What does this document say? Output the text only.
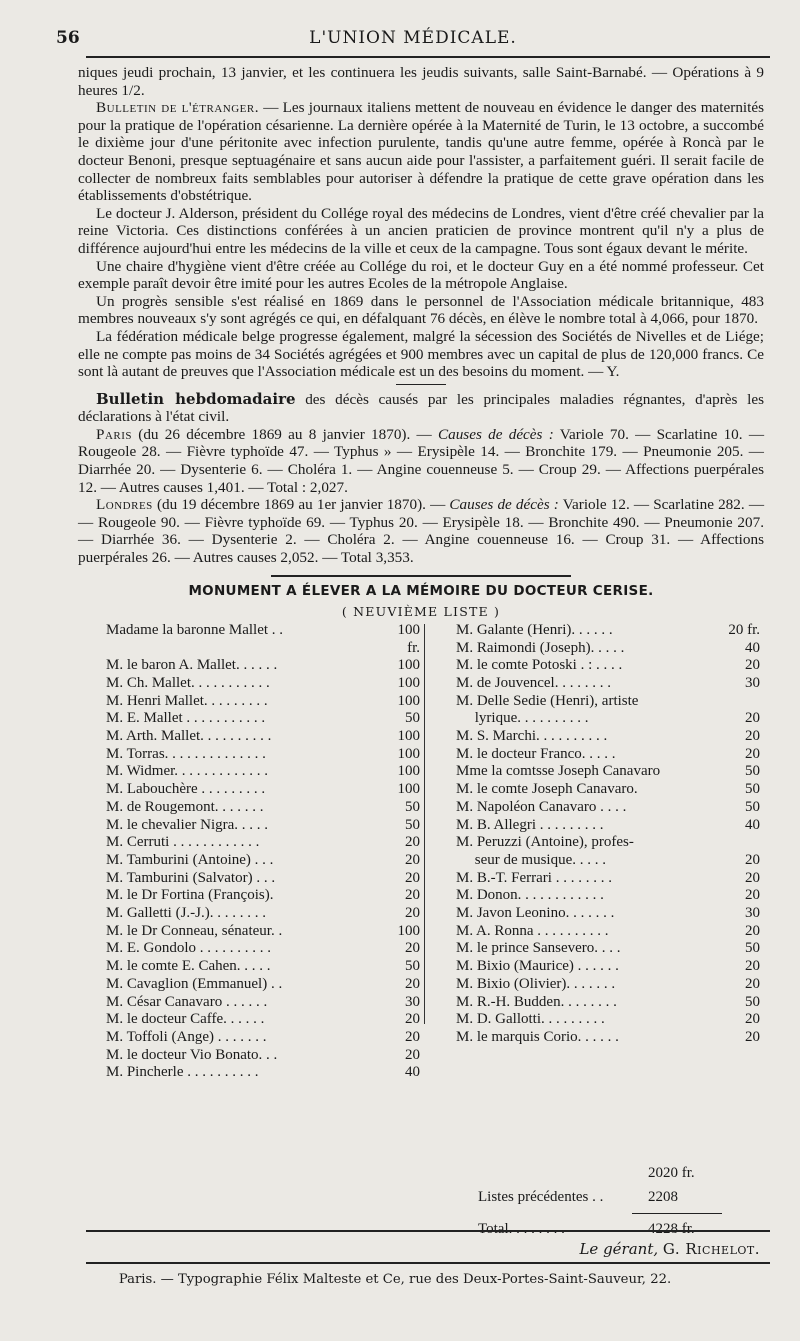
56	L'UNION MÉDICALE.

niques jeudi prochain, 13 janvier, et les continuera les jeudis suivants, salle Saint-Barnabé. — Opérations à 9 heures 1/2.

Bulletin de l'étranger. — Les journaux italiens mettent de nouveau en évidence le danger des maternités pour la pratique de l'opération césarienne. La dernière opérée à la Maternité de Turin, le 13 octobre, a succombé le dixième jour d'une péritonite avec infection purulente, tandis qu'une autre femme, opérée à Roncà par le docteur Benoni, presque septuagénaire et sans aucun aide pour l'assister, a parfaitement guéri. Il serait facile de collecter de nombreux faits semblables pour autoriser à défendre la pratique de cette grave opération dans les établissements d'obstétrique.

Le docteur J. Alderson, président du Collége royal des médecins de Londres, vient d'être créé chevalier par la reine Victoria. Ces distinctions conférées à un ancien praticien de province montrent qu'il n'y a plus de différence aujourd'hui entre les médecins de la ville et ceux de la campagne. Tous sont égaux devant le mérite.

Une chaire d'hygiène vient d'être créée au Collége du roi, et le docteur Guy en a été nommé professeur. Cet exemple paraît devoir être imité pour les autres Ecoles de la métropole Anglaise.

Un progrès sensible s'est réalisé en 1869 dans le personnel de l'Association médicale britannique, 483 membres nouveaux s'y sont agrégés ce qui, en défalquant 76 décès, en élève le nombre total à 4,066, pour 1870.

La fédération médicale belge progresse également, malgré la sécession des Sociétés de Nivelles et de Liége; elle ne compte pas moins de 34 Sociétés agrégées et 900 membres avec un capital de plus de 120,000 francs. Ce sont là autant de preuves que l'Association médicale est un des besoins du moment. — Y.

Bulletin hebdomadaire des décès causés par les principales maladies régnantes, d'après les déclarations à l'état civil.

Paris (du 26 décembre 1869 au 8 janvier 1870). — Causes de décès : Variole 70. — Scarlatine 10. — Rougeole 28. — Fièvre typhoïde 47. — Typhus » — Erysipèle 14. — Bronchite 179. — Pneumonie 205. — Diarrhée 20. — Dysenterie 6. — Choléra 1. — Angine couenneuse 5. — Croup 29. — Affections puerpérales 12. — Autres causes 1,401. — Total : 2,027.

Londres (du 19 décembre 1869 au 1er janvier 1870). — Causes de décès : Variole 12. — Scarlatine 282. — — Rougeole 90. — Fièvre typhoïde 69. — Typhus 20. — Erysipèle 18. — Bronchite 490. — Pneumonie 207. — Diarrhée 36. — Dysenterie 2. — Choléra 2. — Angine couenneuse 16. — Croup 31. — Affections puerpérales 26. — Autres causes 2,052. — Total 3,353.

MONUMENT A ÉLEVER A LA MÉMOIRE DU DOCTEUR CERISE.
( NEUVIÈME LISTE )
Madame la baronne Mallet . .	100 fr.
M. le baron A. Mallet. . . . . .	100
M. Ch. Mallet. . . . . . . . . . .	100
M. Henri Mallet. . . . . . . . .	100
M. E. Mallet . . . . . . . . . . .	50
M. Arth. Mallet. . . . . . . . . .	100
M. Torras. . . . . . . . . . . . . .	100
M. Widmer. . . . . . . . . . . . .	100
M. Labouchère . . . . . . . . .	100
M. de Rougemont. . . . . . .	50
M. le chevalier Nigra. . . . .	50
M. Cerruti . . . . . . . . . . . .	20
M. Tamburini (Antoine) . . .	20
M. Tamburini (Salvator) . . .	20
M. le Dr Fortina (François).	20
M. Galletti (J.-J.). . . . . . . .	20
M. le Dr Conneau, sénateur. .	100
M. E. Gondolo . . . . . . . . . .	20
M. le comte E. Cahen. . . . .	50
M. Cavaglion (Emmanuel) . .	20
M. César Canavaro . . . . . .	30
M. le docteur Caffe. . . . . .	20
M. Toffoli (Ange) . . . . . . .	20
M. le docteur Vio Bonato. . .	20
M. Pincherle . . . . . . . . . .	40
M. Galante (Henri). . . . . .	20 fr.
M. Raimondi (Joseph). . . . .	40
M. le comte Potoski . : . . . .	20
M. de Jouvencel. . . . . . . .	30
M. Delle Sedie (Henri), artiste
lyrique. . . . . . . . . .	20
M. S. Marchi. . . . . . . . . .	20
M. le docteur Franco. . . . .	20
Mme la comtsse Joseph Canavaro	50
M. le comte Joseph Canavaro.	50
M. Napoléon Canavaro . . . .	50
M. B. Allegri . . . . . . . . .	40
M. Peruzzi (Antoine), profes-
seur de musique. . . . .	20
M. B.-T. Ferrari . . . . . . . .	20
M. Donon. . . . . . . . . . . .	20
M. Javon Leonino. . . . . . .	30
M. A. Ronna . . . . . . . . . .	20
M. le prince Sansevero. . . .	50
M. Bixio (Maurice) . . . . . .	20
M. Bixio (Olivier). . . . . . .	20
M. R.-H. Budden. . . . . . . .	50
M. D. Gallotti. . . . . . . . .	20
M. le marquis Corio. . . . . .	20
2020 fr.
Listes précédentes . .	2208
Total. . . . . . . .	4228 fr.
Le gérant, G. Richelot.
Paris. — Typographie Félix Malteste et Ce, rue des Deux-Portes-Saint-Sauveur, 22.
